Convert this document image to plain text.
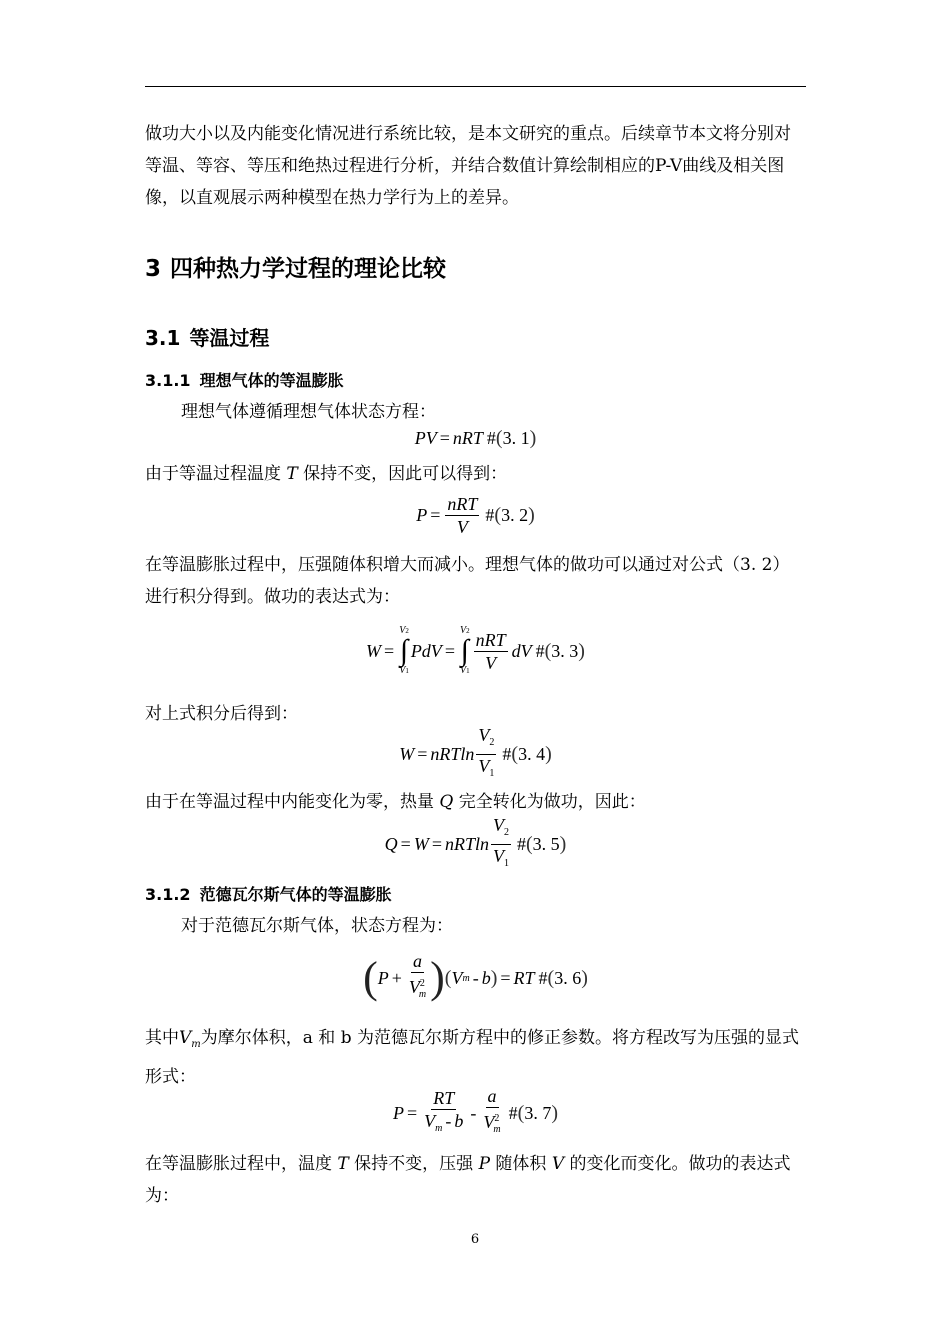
做功大小以及内能变化情况进行系统比较，是本文研究的重点。后续章节本文将分别对等温、等容、等压和绝热过程进行分析，并结合数值计算绘制相应的P-V曲线及相关图像，以直观展示两种模型在热力学行为上的差异。

3 四种热力学过程的理论比较
3.1 等温过程
3.1.1 理想气体的等温膨胀

理想气体遵循理想气体状态方程：

PV = nRT #(3. 1)

由于等温过程温度 T 保持不变，因此可以得到：

$P = \frac{\text{nRT}}{V}$ #(3. 2)

在等温膨胀过程中，压强随体积增大而减小。理想气体的做功可以通过对公式（3. 2）进行积分得到。做功的表达式为：

W =
V2
∫
V1
PdV =
V2
∫
$V1 \frac{\text{nRT}}{V}$ dV #(3. 3)

对上式积分后得到：

W = nRTln $\frac{V_2}{V_1}$ #(3. 4)

由于在等温过程中内能变化为零，热量 Q 完全转化为做功，因此：

Q = W = nRTln $\frac{V_2}{V_1}$ #(3. 5)
3.1.2 范德瓦尔斯气体的等温膨胀

对于范德瓦尔斯气体，状态方程为：

( $P + \frac{a}{V^2_m}$ ) ( V m - b ) = RT #(3. 6)

其中$V_m$为摩尔体积，a 和 b 为范德瓦尔斯方程中的修正参数。将方程改写为压强的显式形式：

$P = \frac{RT}{V_m - b} - \frac{a}{V^2_m}$ #(3. 7)

在等温膨胀过程中，温度 T 保持不变，压强 P 随体积 V 的变化而变化。做功的表达式为：

6
